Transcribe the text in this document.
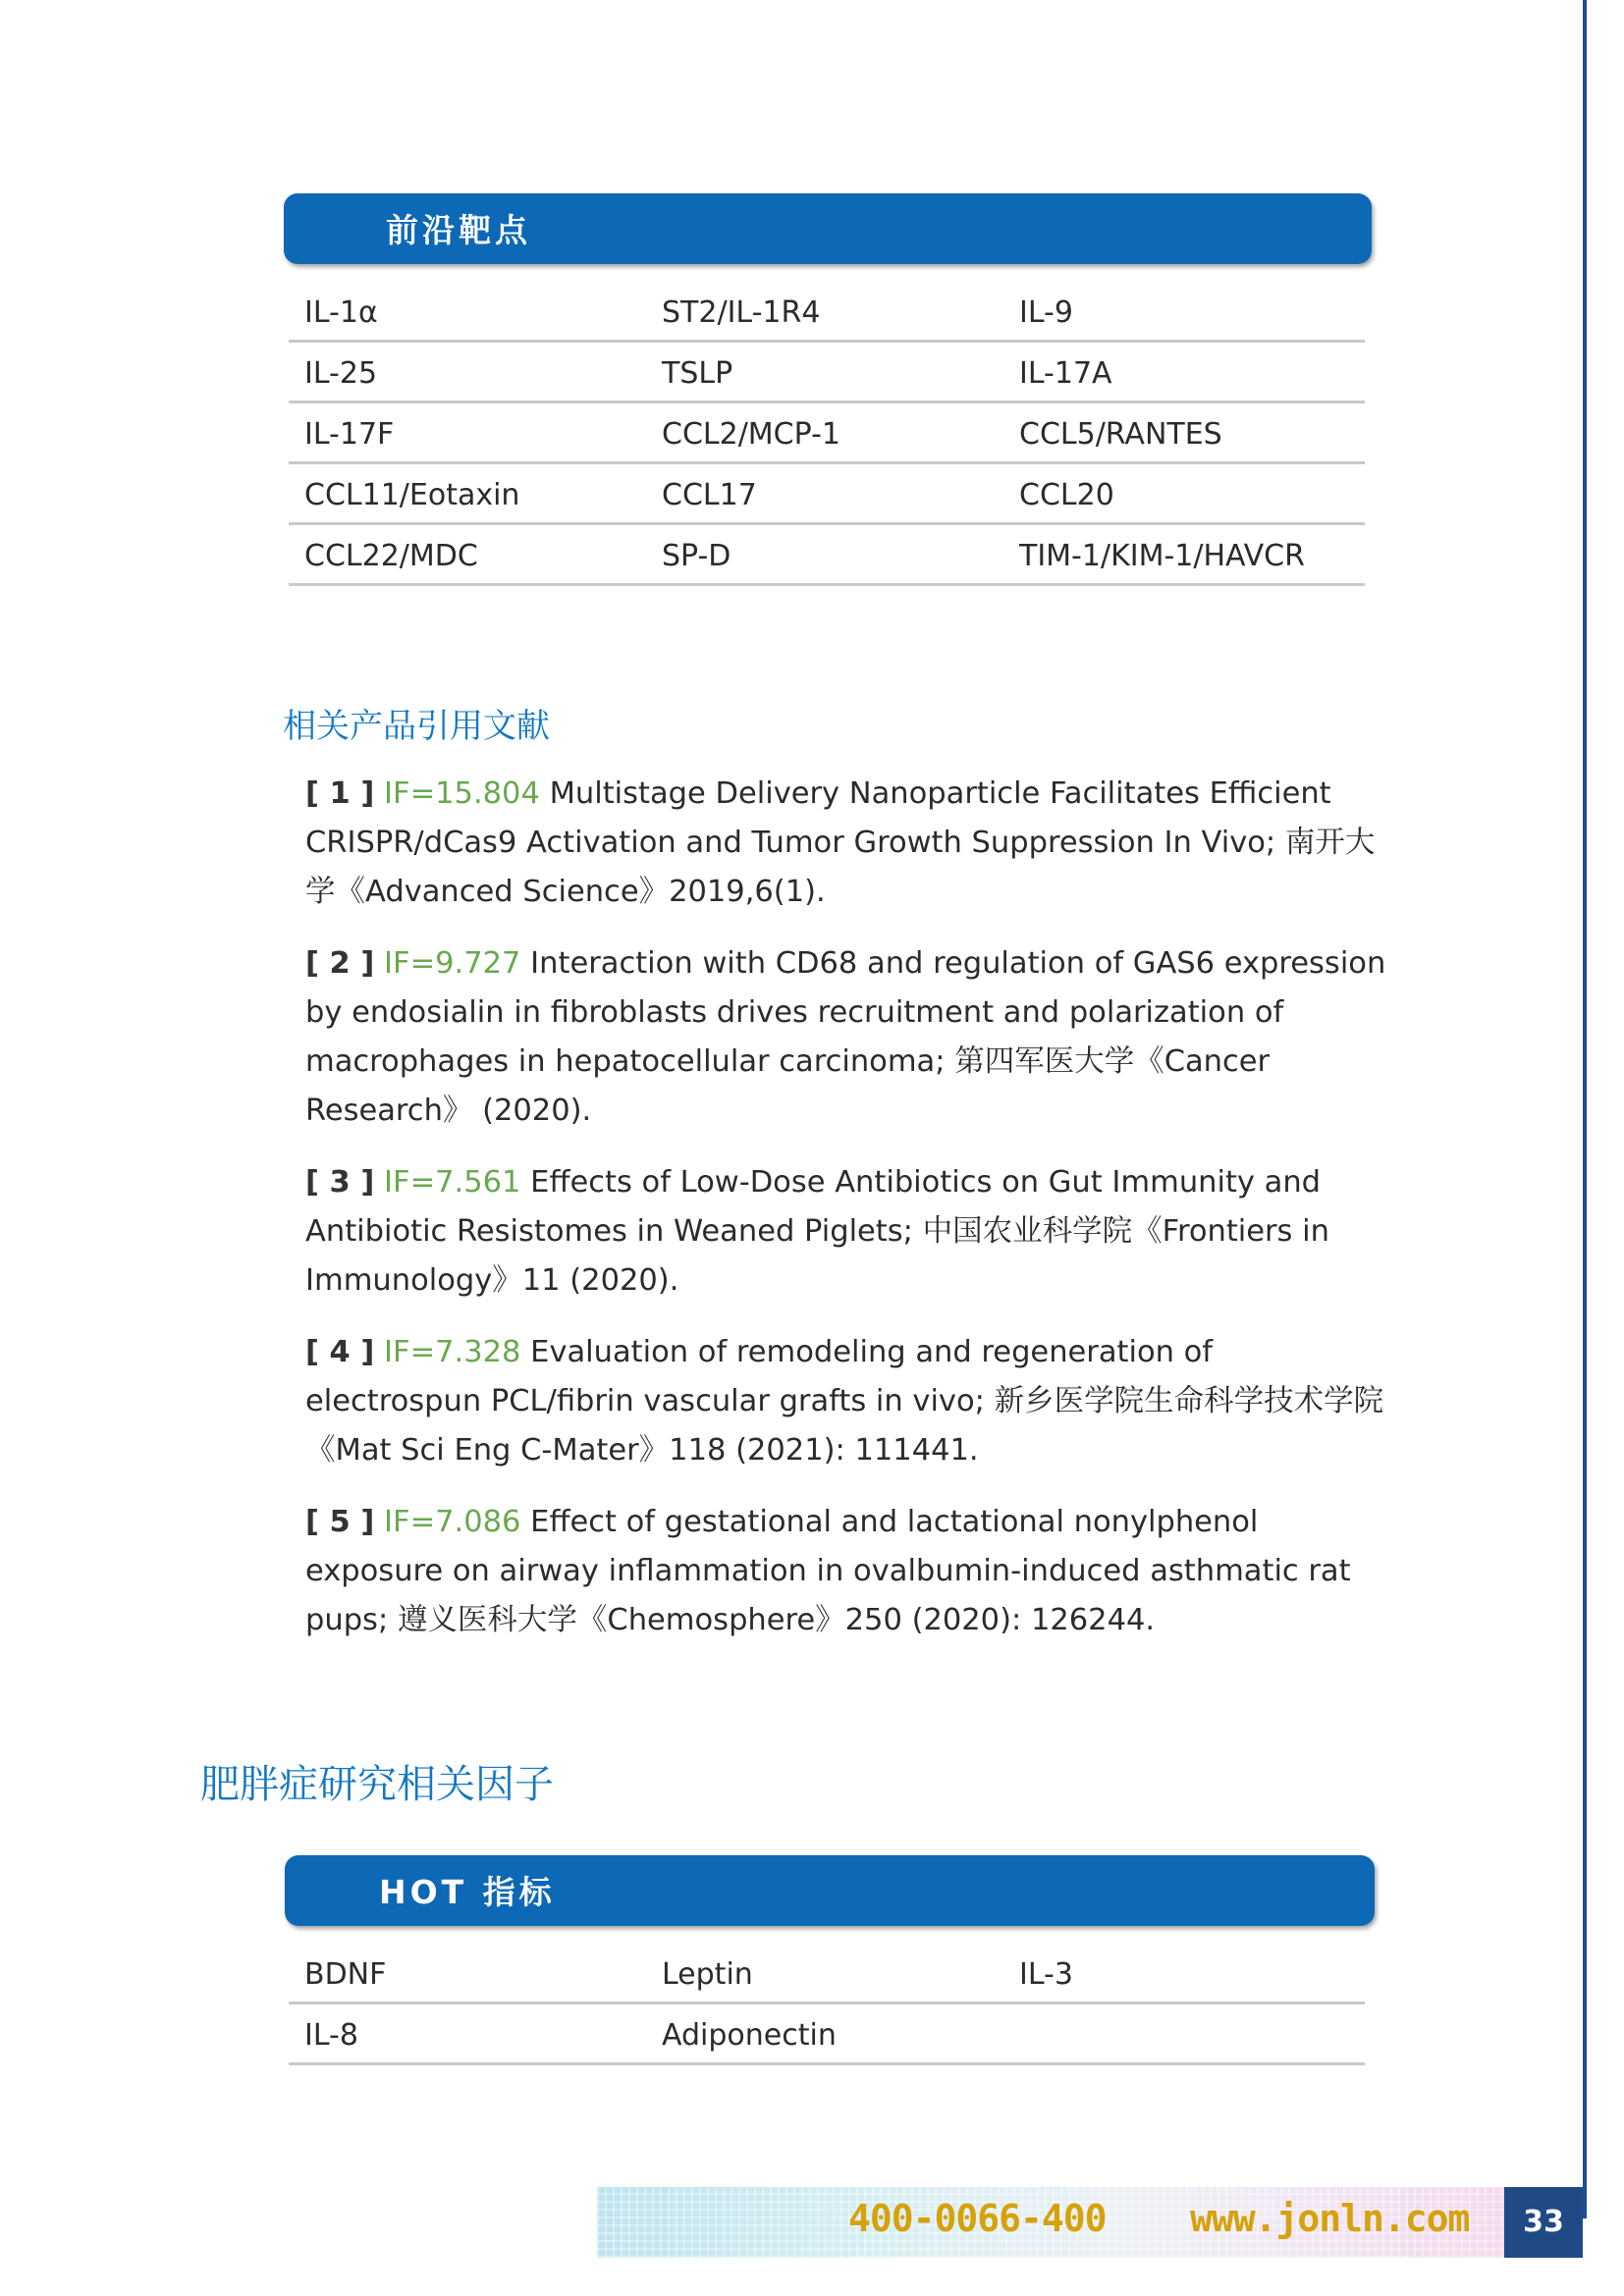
前沿靶点
IL-1α	ST2/IL-1R4	IL-9
IL-25	TSLP	IL-17A
IL-17F	CCL2/MCP-1	CCL5/RANTES
CCL11/Eotaxin	CCL17	CCL20
CCL22/MDC	SP-D	TIM-1/KIM-1/HAVCR
相关产品引用文献
[ 1 ] IF=15.804 Multistage Delivery Nanoparticle Facilitates Efficient CRISPR/dCas9 Activation and Tumor Growth Suppression In Vivo; 南开大学《Advanced Science》2019,6(1).
[ 2 ] IF=9.727 Interaction with CD68 and regulation of GAS6 expression by endosialin in fibroblasts drives recruitment and polarization of macrophages in hepatocellular carcinoma; 第四军医大学《Cancer Research》 (2020).
[ 3 ] IF=7.561 Effects of Low-Dose Antibiotics on Gut Immunity and Antibiotic Resistomes in Weaned Piglets; 中国农业科学院《Frontiers in Immunology》11 (2020).
[ 4 ] IF=7.328 Evaluation of remodeling and regeneration of electrospun PCL/fibrin vascular grafts in vivo; 新乡医学院生命科学技术学院《Mat Sci Eng C-Mater》118 (2021): 111441.
[ 5 ] IF=7.086 Effect of gestational and lactational nonylphenol exposure on airway inflammation in ovalbumin-induced asthmatic rat pups; 遵义医科大学《Chemosphere》250 (2020): 126244.
肥胖症研究相关因子
HOT 指标
BDNF	Leptin	IL-3
IL-8	Adiponectin
400-0066-400 www.jonln.com	33
